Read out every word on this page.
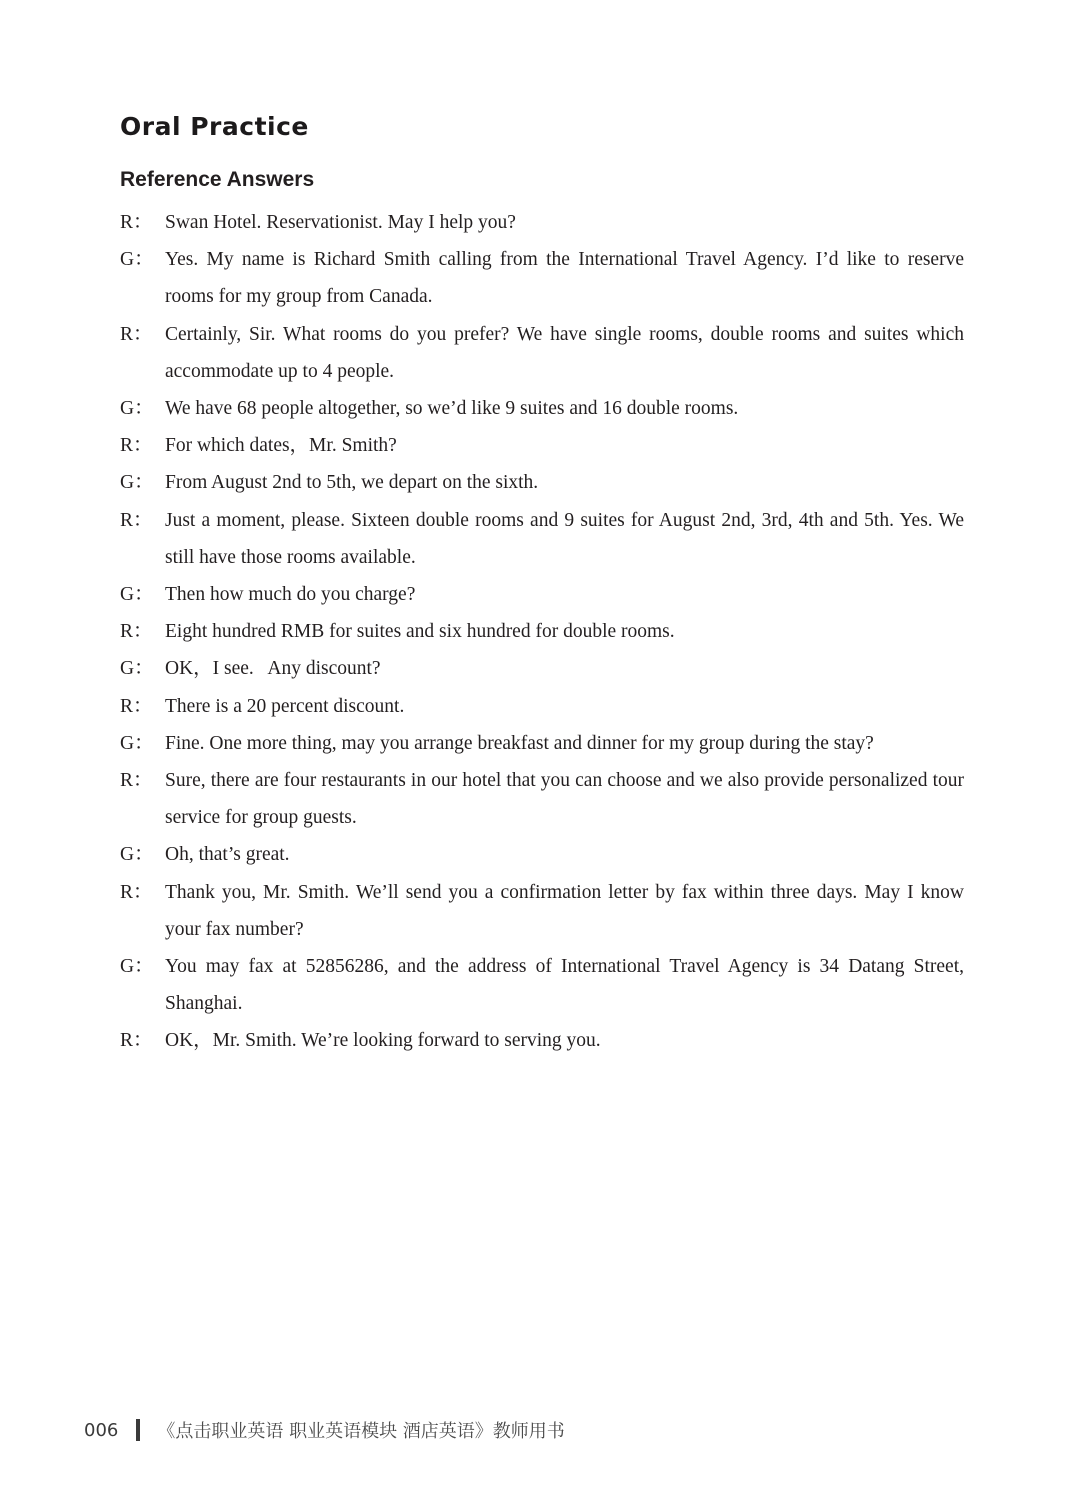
Oral Practice
Reference Answers
R： Swan Hotel. Reservationist. May I help you?
G： Yes. My name is Richard Smith calling from the International Travel Agency. I’d like to reserve rooms for my group from Canada.
R： Certainly, Sir. What rooms do you prefer? We have single rooms, double rooms and suites which accommodate up to 4 people.
G： We have 68 people altogether, so we’d like 9 suites and 16 double rooms.
R： For which dates，Mr. Smith?
G： From August 2nd to 5th, we depart on the sixth.
R： Just a moment, please. Sixteen double rooms and 9 suites for August 2nd, 3rd, 4th and 5th. Yes. We still have those rooms available.
G： Then how much do you charge?
R： Eight hundred RMB for suites and six hundred for double rooms.
G： OK，I see.   Any discount?
R： There is a 20 percent discount.
G： Fine. One more thing, may you arrange breakfast and dinner for my group during the stay?
R： Sure, there are four restaurants in our hotel that you can choose and we also provide personalized tour service for group guests.
G： Oh, that’s great.
R： Thank you, Mr. Smith. We’ll send you a confirmation letter by fax within three days. May I know your fax number?
G： You may fax at 52856286, and the address of International Travel Agency is 34 Datang Street, Shanghai.
R： OK，Mr. Smith. We’re looking forward to serving you.
006 《点击职业英语 职业英语模块 酒店英语》教师用书
